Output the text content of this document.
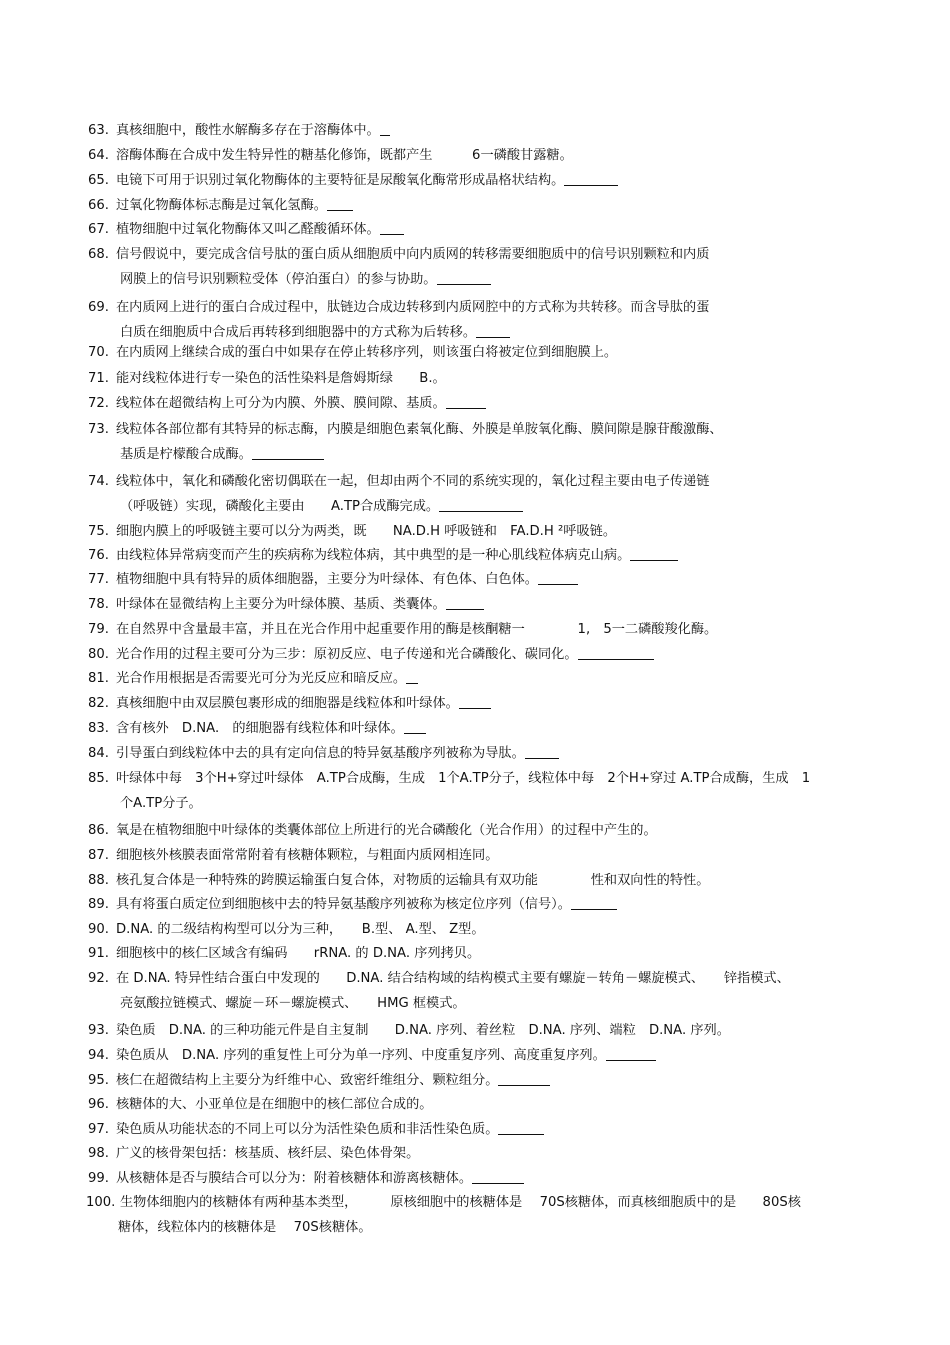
63. 真核细胞中，酸性水解酶多存在于溶酶体中。
64. 溶酶体酶在合成中发生特异性的糖基化修饰，既都产生　　　6一磷酸甘露糖。
65. 电镜下可用于识别过氧化物酶体的主要特征是尿酸氧化酶常形成晶格状结构。
66. 过氧化物酶体标志酶是过氧化氢酶。
67. 植物细胞中过氧化物酶体又叫乙醛酸循环体。
68. 信号假说中，要完成含信号肽的蛋白质从细胞质中向内质网的转移需要细胞质中的信号识别颗粒和内质
网膜上的信号识别颗粒受体（停泊蛋白）的参与协助。
69. 在内质网上进行的蛋白合成过程中，肽链边合成边转移到内质网腔中的方式称为共转移。而含导肽的蛋
白质在细胞质中合成后再转移到细胞器中的方式称为后转移。
70. 在内质网上继续合成的蛋白中如果存在停止转移序列，则该蛋白将被定位到细胞膜上。
71. 能对线粒体进行专一染色的活性染料是詹姆斯绿　　B.。
72. 线粒体在超微结构上可分为内膜、外膜、膜间隙、基质。
73. 线粒体各部位都有其特异的标志酶，内膜是细胞色素氧化酶、外膜是单胺氧化酶、膜间隙是腺苷酸激酶、
基质是柠檬酸合成酶。
74. 线粒体中，氧化和磷酸化密切偶联在一起，但却由两个不同的系统实现的，氧化过程主要由电子传递链
（呼吸链）实现，磷酸化主要由　　A.TP合成酶完成。
75. 细胞内膜上的呼吸链主要可以分为两类，既　　NA.D.H 呼吸链和　FA.D.H ²呼吸链。
76. 由线粒体异常病变而产生的疾病称为线粒体病，其中典型的是一种心肌线粒体病克山病。
77. 植物细胞中具有特异的质体细胞器，主要分为叶绿体、有色体、白色体。
78. 叶绿体在显微结构上主要分为叶绿体膜、基质、类囊体。
79. 在自然界中含量最丰富，并且在光合作用中起重要作用的酶是核酮糖一　　　　1,　5一二磷酸羧化酶。
80. 光合作用的过程主要可分为三步：原初反应、电子传递和光合磷酸化、碳同化。
81. 光合作用根据是否需要光可分为光反应和暗反应。
82. 真核细胞中由双层膜包裹形成的细胞器是线粒体和叶绿体。
83. 含有核外　D.NA.　的细胞器有线粒体和叶绿体。
84. 引导蛋白到线粒体中去的具有定向信息的特异氨基酸序列被称为导肽。
85. 叶绿体中每　3个H+穿过叶绿体　A.TP合成酶，生成　1个A.TP分子，线粒体中每　2个H+穿过 A.TP合成酶，生成　1
个A.TP分子。
86. 氧是在植物细胞中叶绿体的类囊体部位上所进行的光合磷酸化（光合作用）的过程中产生的。
87. 细胞核外核膜表面常常附着有核糖体颗粒，与粗面内质网相连同。
88. 核孔复合体是一种特殊的跨膜运输蛋白复合体，对物质的运输具有双功能　　　　性和双向性的特性。
89. 具有将蛋白质定位到细胞核中去的特异氨基酸序列被称为核定位序列（信号）。
90. D.NA. 的二级结构构型可以分为三种，　　B.型、 A.型、 Z型。
91. 细胞核中的核仁区域含有编码　　rRNA. 的 D.NA. 序列拷贝。
92. 在 D.NA. 特异性结合蛋白中发现的　　D.NA. 结合结构域的结构模式主要有螺旋－转角－螺旋模式、　　锌指模式、
亮氨酸拉链模式、螺旋－环－螺旋模式、　　HMG 框模式。
93. 染色质　D.NA. 的三种功能元件是自主复制　　D.NA. 序列、着丝粒　D.NA. 序列、端粒　D.NA. 序列。
94. 染色质从　D.NA. 序列的重复性上可分为单一序列、中度重复序列、高度重复序列。
95. 核仁在超微结构上主要分为纤维中心、致密纤维组分、颗粒组分。
96. 核糖体的大、小亚单位是在细胞中的核仁部位合成的。
97. 染色质从功能状态的不同上可以分为活性染色质和非活性染色质。
98. 广义的核骨架包括：核基质、核纤层、染色体骨架。
99. 从核糖体是否与膜结合可以分为：附着核糖体和游离核糖体。
100. 生物体细胞内的核糖体有两种基本类型，　　　原核细胞中的核糖体是　 70S核糖体，而真核细胞质中的是　　80S核
糖体，线粒体内的核糖体是　 70S核糖体。
